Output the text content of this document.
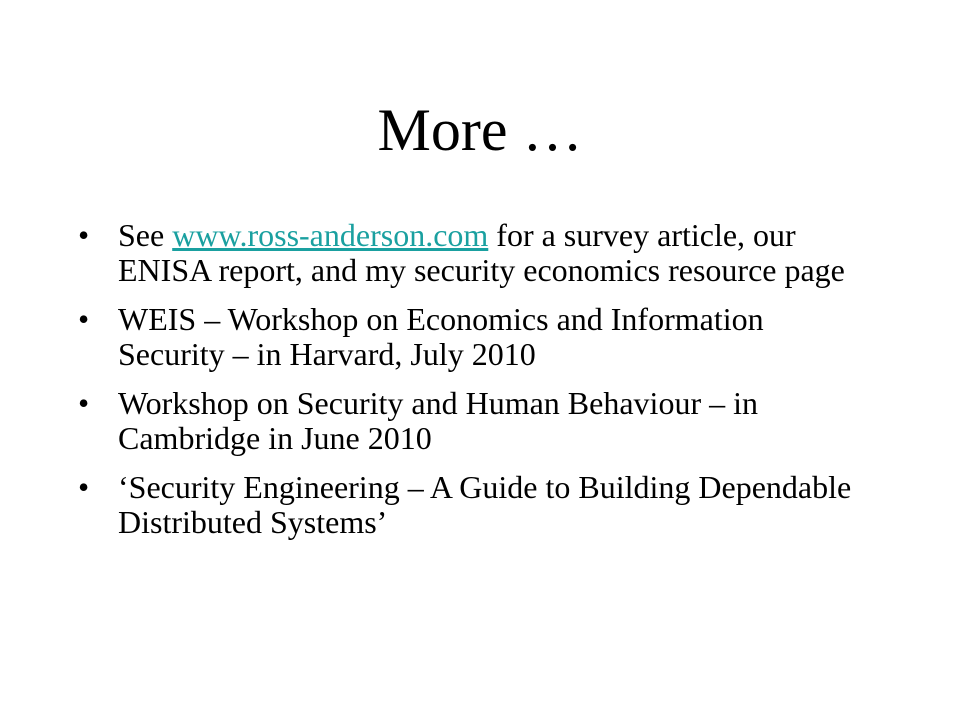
More …
• See www.ross-anderson.com for a survey article, our ENISA report, and my security economics resource page
• WEIS – Workshop on Economics and Information Security – in Harvard, July 2010
• Workshop on Security and Human Behaviour – in Cambridge in June 2010
• ‘Security Engineering – A Guide to Building Dependable Distributed Systems’
